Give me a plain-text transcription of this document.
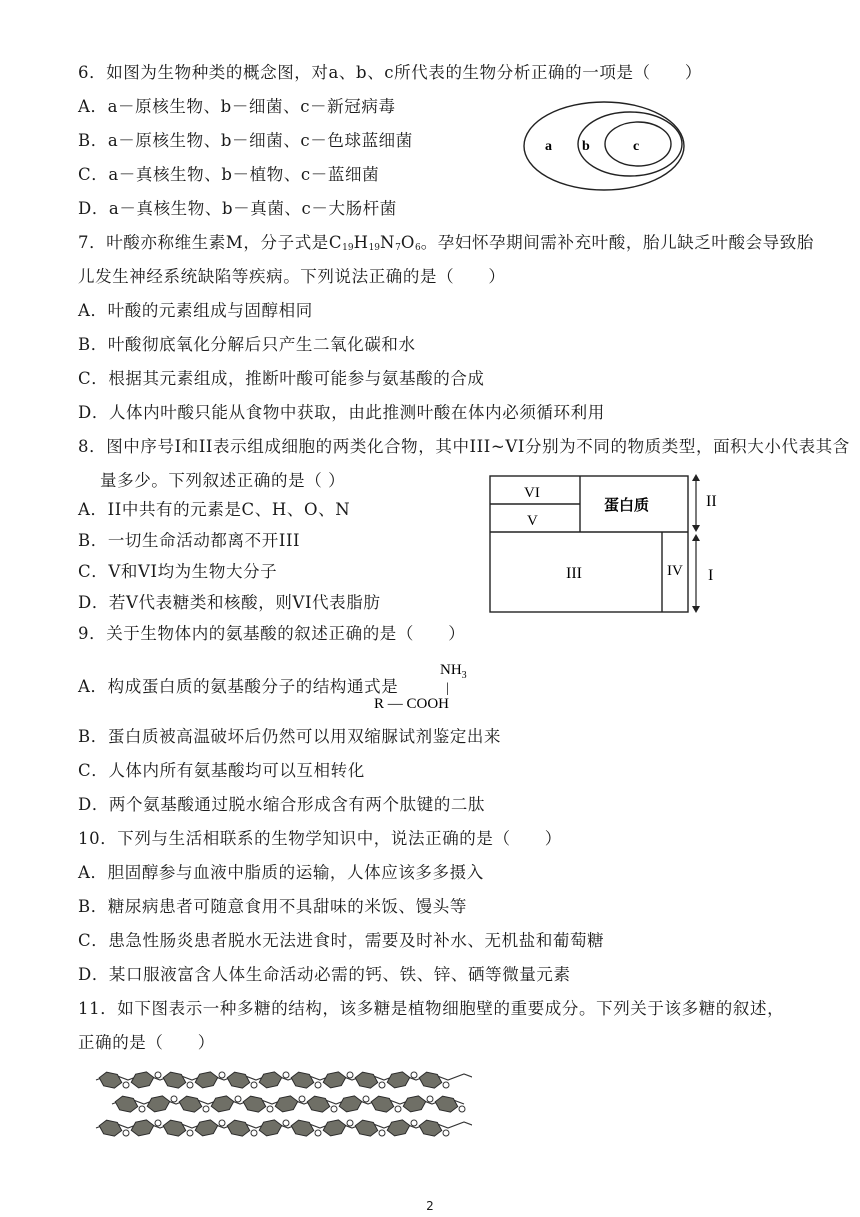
6．如图为生物种类的概念图，对a、b、c所代表的生物分析正确的一项是（　　）
A．a－原核生物、b－细菌、c－新冠病毒
B．a－原核生物、b－细菌、c－色球蓝细菌
C．a－真核生物、b－植物、c－蓝细菌
D．a－真核生物、b－真菌、c－大肠杆菌
a b	c
7．叶酸亦称维生素M，分子式是$C_{19}H_{19}N_7O_6$。孕妇怀孕期间需补充叶酸，胎儿缺乏叶酸会导致胎
儿发生神经系统缺陷等疾病。下列说法正确的是（　　）
A．叶酸的元素组成与固醇相同
B．叶酸彻底氧化分解后只产生二氧化碳和水
C．根据其元素组成，推断叶酸可能参与氨基酸的合成
D．人体内叶酸只能从食物中获取，由此推测叶酸在体内必须循环利用
8．图中序号I和II表示组成细胞的两类化合物，其中III~VI分别为不同的物质类型，面积大小代表其含
量多少。下列叙述正确的是（ ）
A．II中共有的元素是C、H、O、N
B．一切生命活动都离不开III
C．V和VI均为生物大分子
D．若V代表糖类和核酸，则VI代表脂肪
VI
V
蛋白质
III	IV
II
I
9．关于生物体内的氨基酸的叙述正确的是（　　）
A．构成蛋白质的氨基酸分子的结构通式是
$NH_3$
|
R — COOH
B．蛋白质被高温破坏后仍然可以用双缩脲试剂鉴定出来
C．人体内所有氨基酸均可以互相转化
D．两个氨基酸通过脱水缩合形成含有两个肽键的二肽
10．下列与生活相联系的生物学知识中，说法正确的是（　　）
A．胆固醇参与血液中脂质的运输，人体应该多多摄入
B．糖尿病患者可随意食用不具甜味的米饭、馒头等
C．患急性肠炎患者脱水无法进食时，需要及时补水、无机盐和葡萄糖
D．某口服液富含人体生命活动必需的钙、铁、锌、硒等微量元素
11．如下图表示一种多糖的结构，该多糖是植物细胞壁的重要成分。下列关于该多糖的叙述，
正确的是（　　）
2
